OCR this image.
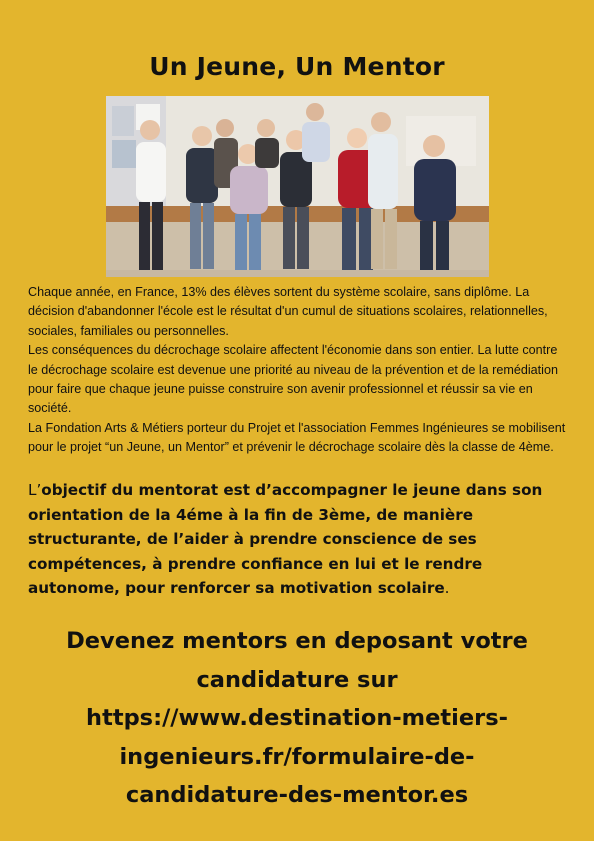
Un Jeune, Un Mentor

Chaque année, en France, 13% des élèves sortent du système scolaire, sans diplôme. La décision d'abandonner l'école est le résultat d'un cumul de situations scolaires, relationnelles, sociales, familiales ou personnelles.

Les conséquences du décrochage scolaire affectent l'économie dans son entier. La lutte contre le décrochage scolaire est devenue une priorité au niveau de la prévention et de la remédiation pour faire que chaque jeune puisse construire son avenir professionnel et réussir sa vie en société.

La Fondation Arts & Métiers porteur du Projet et l'association Femmes Ingénieures se mobilisent pour le projet “un Jeune, un Mentor” et prévenir le décrochage scolaire dès la classe de 4ème.

L’objectif du mentorat est d’accompagner le jeune dans son orientation de la 4éme à la fin de 3ème, de manière structurante, de l’aider à prendre conscience de ses compétences, à prendre confiance en lui et le rendre autonome, pour renforcer sa motivation scolaire.
Devenez mentors en deposant votre candidature sur
https://www.destination-metiers-
ingenieurs.fr/formulaire-de-
candidature-des-mentor.es
